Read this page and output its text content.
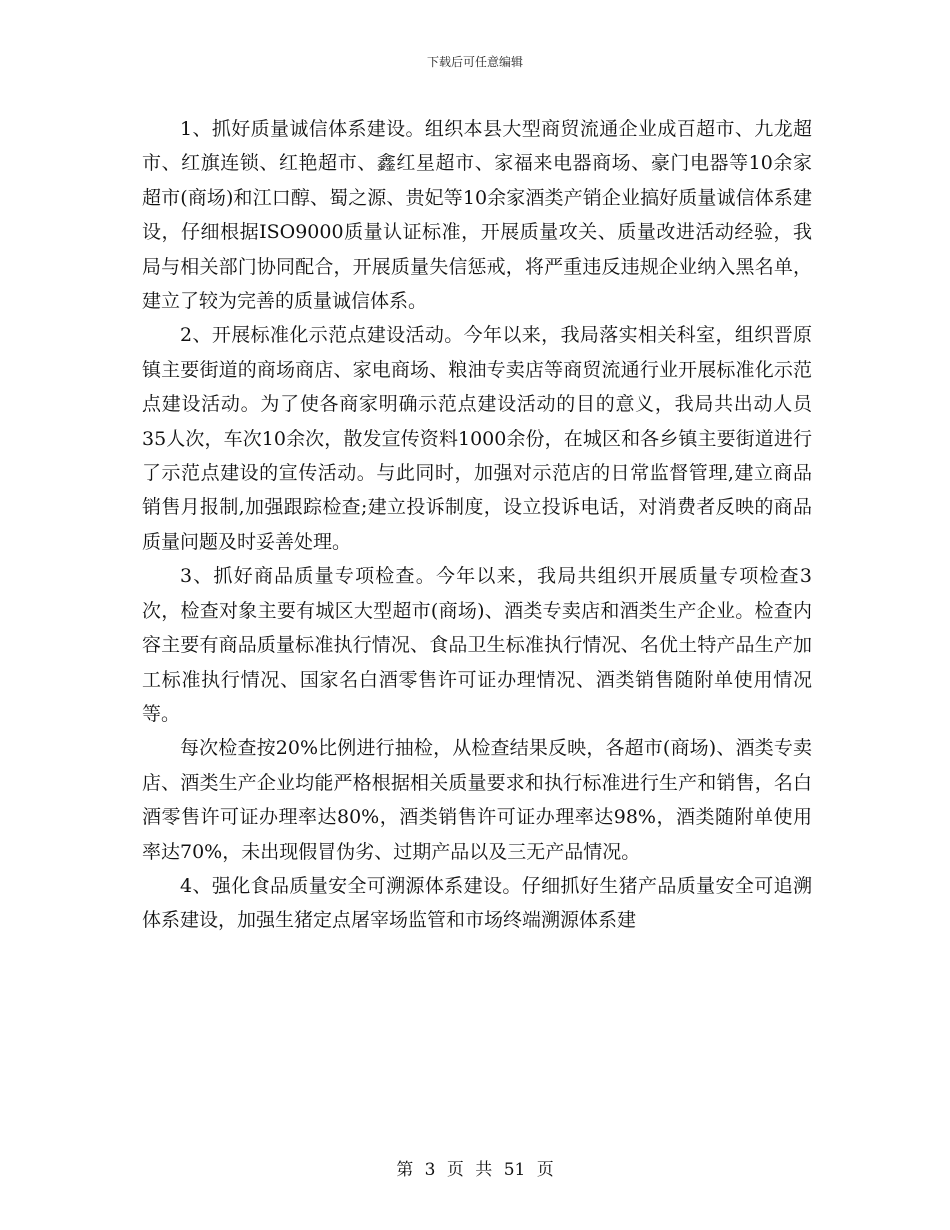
下载后可任意编辑

1、抓好质量诚信体系建设。组织本县大型商贸流通企业成百超市、九龙超市、红旗连锁、红艳超市、鑫红星超市、家福来电器商场、豪门电器等10余家超市(商场)和江口醇、蜀之源、贵妃等10余家酒类产销企业搞好质量诚信体系建设，仔细根据ISO9000质量认证标准，开展质量攻关、质量改进活动经验，我局与相关部门协同配合，开展质量失信惩戒，将严重违反违规企业纳入黑名单，建立了较为完善的质量诚信体系。

2、开展标准化示范点建设活动。今年以来，我局落实相关科室，组织晋原镇主要街道的商场商店、家电商场、粮油专卖店等商贸流通行业开展标准化示范点建设活动。为了使各商家明确示范点建设活动的目的意义，我局共出动人员35人次，车次10余次，散发宣传资料1000余份，在城区和各乡镇主要街道进行了示范点建设的宣传活动。与此同时，加强对示范店的日常监督管理,建立商品销售月报制,加强跟踪检查;建立投诉制度，设立投诉电话，对消费者反映的商品质量问题及时妥善处理。

3、抓好商品质量专项检查。今年以来，我局共组织开展质量专项检查3次，检查对象主要有城区大型超市(商场)、酒类专卖店和酒类生产企业。检查内容主要有商品质量标准执行情况、食品卫生标准执行情况、名优土特产品生产加工标准执行情况、国家名白酒零售许可证办理情况、酒类销售随附单使用情况等。

每次检查按20%比例进行抽检，从检查结果反映，各超市(商场)、酒类专卖店、酒类生产企业均能严格根据相关质量要求和执行标准进行生产和销售，名白酒零售许可证办理率达80%，酒类销售许可证办理率达98%，酒类随附单使用率达70%，未出现假冒伪劣、过期产品以及三无产品情况。

4、强化食品质量安全可溯源体系建设。仔细抓好生猪产品质量安全可追溯体系建设，加强生猪定点屠宰场监管和市场终端溯源体系建

第 3 页 共 51 页
